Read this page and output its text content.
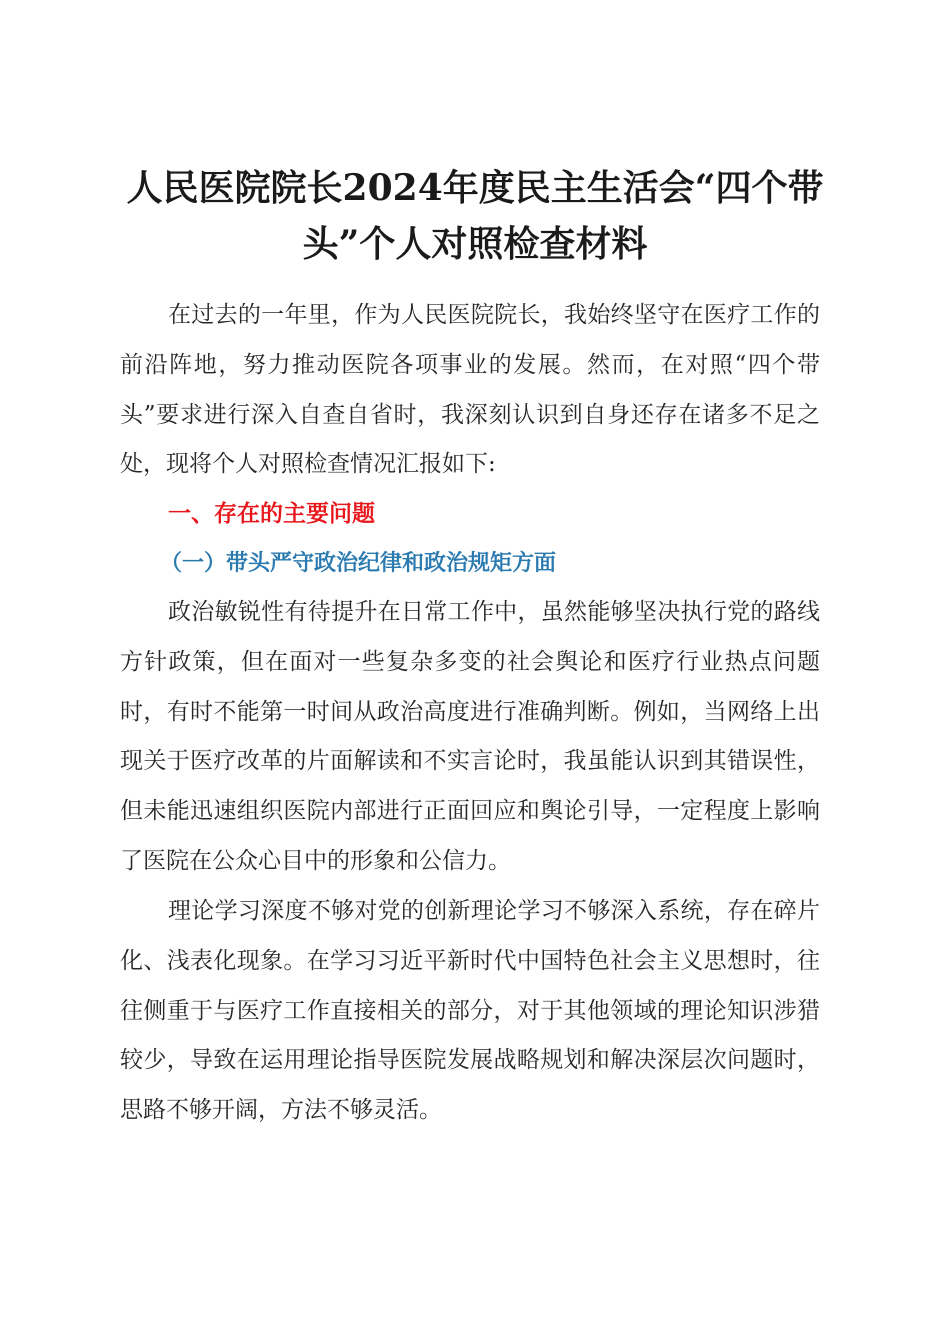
人民医院院长2024年度民主生活会“四个带
头”个人对照检查材料

在过去的一年里，作为人民医院院长，我始终坚守在医疗工作的前沿阵地，努力推动医院各项事业的发展。然而，在对照“四个带头”要求进行深入自查自省时，我深刻认识到自身还存在诸多不足之处，现将个人对照检查情况汇报如下:

一、存在的主要问题
（一）带头严守政治纪律和政治规矩方面

政治敏锐性有待提升在日常工作中，虽然能够坚决执行党的路线方针政策，但在面对一些复杂多变的社会舆论和医疗行业热点问题时，有时不能第一时间从政治高度进行准确判断。例如，当网络上出现关于医疗改革的片面解读和不实言论时，我虽能认识到其错误性，但未能迅速组织医院内部进行正面回应和舆论引导，一定程度上影响了医院在公众心目中的形象和公信力。

理论学习深度不够对党的创新理论学习不够深入系统，存在碎片化、浅表化现象。在学习习近平新时代中国特色社会主义思想时，往往侧重于与医疗工作直接相关的部分，对于其他领域的理论知识涉猎较少，导致在运用理论指导医院发展战略规划和解决深层次问题时，思路不够开阔，方法不够灵活。
